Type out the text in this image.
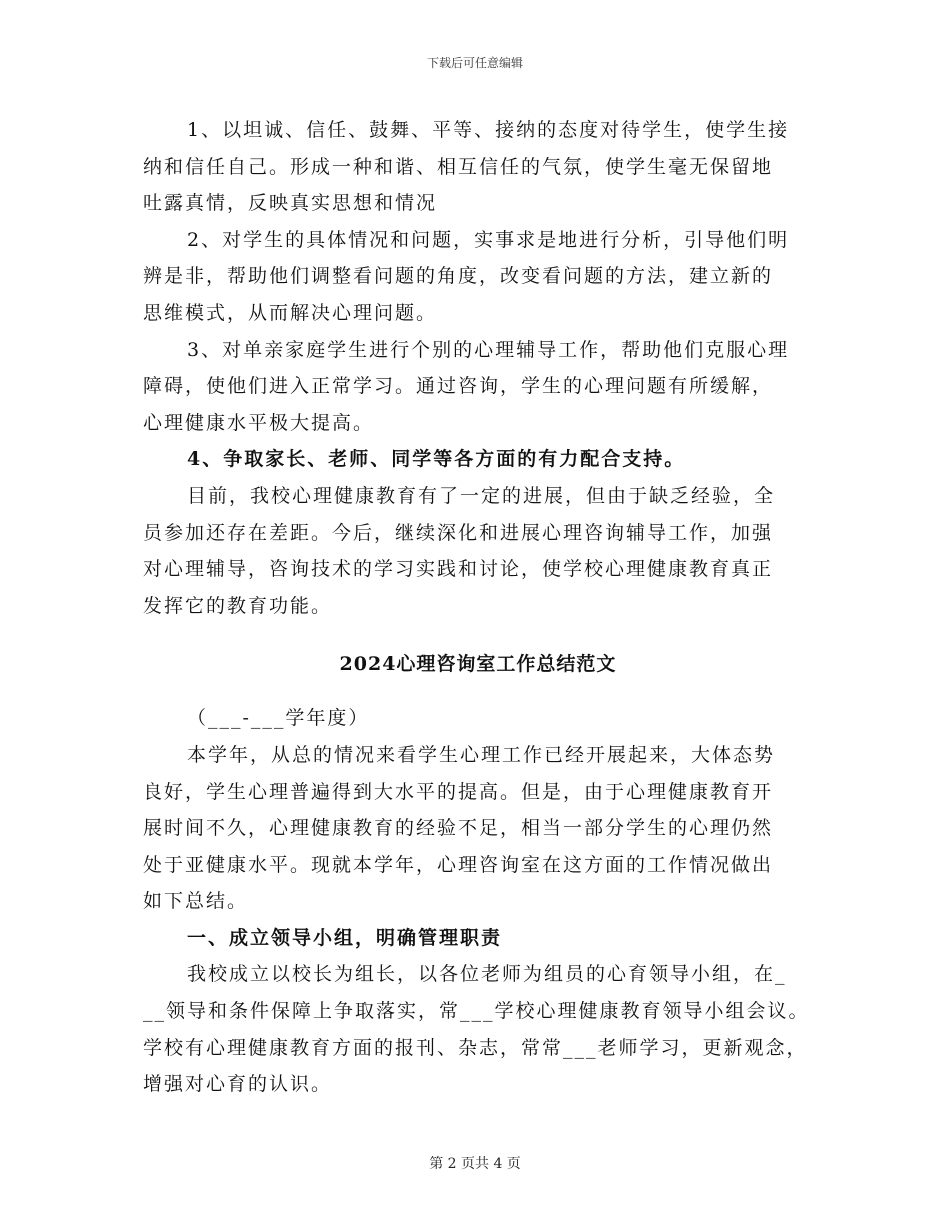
下载后可任意编辑

1、以坦诚、信任、鼓舞、平等、接纳的态度对待学生，使学生接
纳和信任自己。形成一种和谐、相互信任的气氛，使学生毫无保留地
吐露真情，反映真实思想和情况

2、对学生的具体情况和问题，实事求是地进行分析，引导他们明
辨是非，帮助他们调整看问题的角度，改变看问题的方法，建立新的
思维模式，从而解决心理问题。

3、对单亲家庭学生进行个别的心理辅导工作，帮助他们克服心理
障碍，使他们进入正常学习。通过咨询，学生的心理问题有所缓解，
心理健康水平极大提高。

4、争取家长、老师、同学等各方面的有力配合支持。

目前，我校心理健康教育有了一定的进展，但由于缺乏经验，全
员参加还存在差距。今后，继续深化和进展心理咨询辅导工作，加强
对心理辅导，咨询技术的学习实践和讨论，使学校心理健康教育真正
发挥它的教育功能。

2024心理咨询室工作总结范文

（___-___学年度）

本学年，从总的情况来看学生心理工作已经开展起来，大体态势
良好，学生心理普遍得到大水平的提高。但是，由于心理健康教育开
展时间不久，心理健康教育的经验不足，相当一部分学生的心理仍然
处于亚健康水平。现就本学年，心理咨询室在这方面的工作情况做出
如下总结。

一、成立领导小组，明确管理职责

我校成立以校长为组长，以各位老师为组员的心育领导小组，在_
__领导和条件保障上争取落实，常___学校心理健康教育领导小组会议。
学校有心理健康教育方面的报刊、杂志，常常___老师学习，更新观念，
增强对心育的认识。

第 2 页共 4 页
